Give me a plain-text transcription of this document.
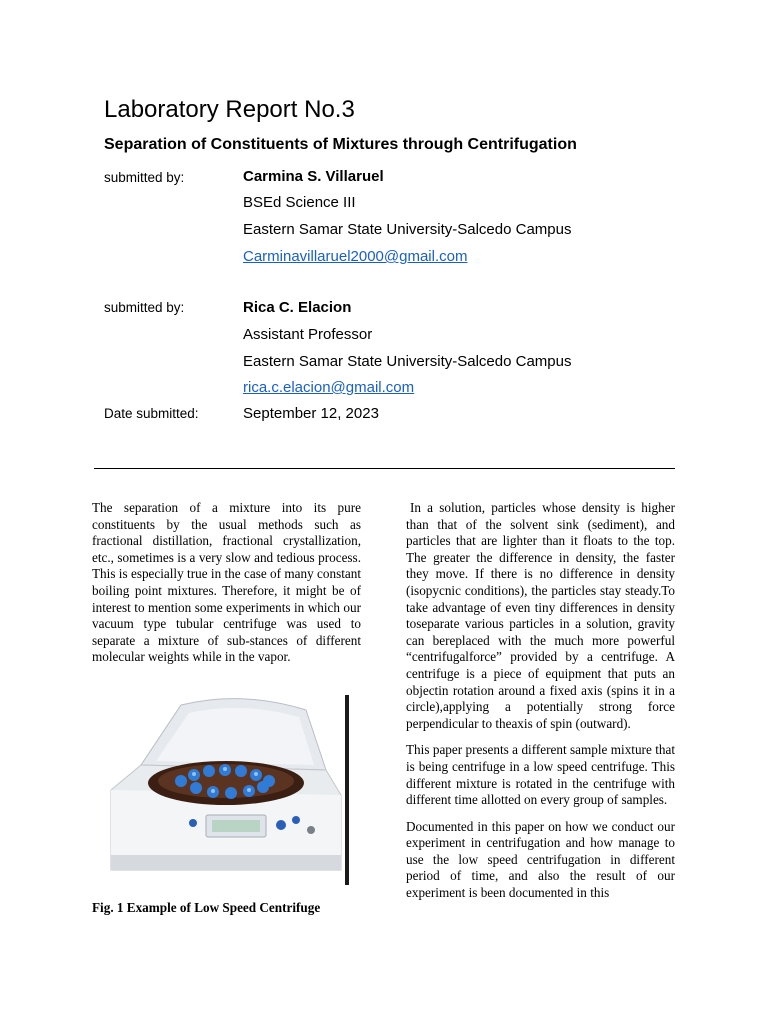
Laboratory Report No.3
Separation of Constituents of Mixtures through Centrifugation
submitted by:	Carmina S. Villaruel
BSEd Science III
Eastern Samar State University-Salcedo Campus
Carminavillaruel2000@gmail.com
submitted by:	Rica C. Elacion
Assistant Professor
Eastern Samar State University-Salcedo Campus
rica.c.elacion@gmail.com
Date submitted:	September 12, 2023

The separation of a mixture into its pure constituents by the usual methods such as fractional distillation, fractional crystallization, etc., sometimes is a very slow and tedious process. This is especially true in the case of many constant boiling point mixtures. Therefore, it might be of interest to mention some experiments in which our vacuum type tubular centrifuge was used to separate a mixture of sub-stances of different molecular weights while in the vapor.

Fig. 1 Example of Low Speed Centrifuge

In a solution, particles whose density is higher than that of the solvent sink (sediment), and particles that are lighter than it floats to the top. The greater the difference in density, the faster they move. If there is no difference in density (isopycnic conditions), the particles stay steady.To take advantage of even tiny differences in density toseparate various particles in a solution, gravity can bereplaced with the much more powerful “centrifugalforce” provided by a centrifuge. A centrifuge is a piece of equipment that puts an objectin rotation around a fixed axis (spins it in a circle),applying a potentially strong force perpendicular to theaxis of spin (outward).

This paper presents a different sample mixture that is being centrifuge in a low speed centrifuge. This different mixture is rotated in the centrifuge with different time allotted on every group of samples.

Documented in this paper on how we conduct our experiment in centrifugation and how manage to use the low speed centrifugation in different period of time, and also the result of our experiment is been documented in this
